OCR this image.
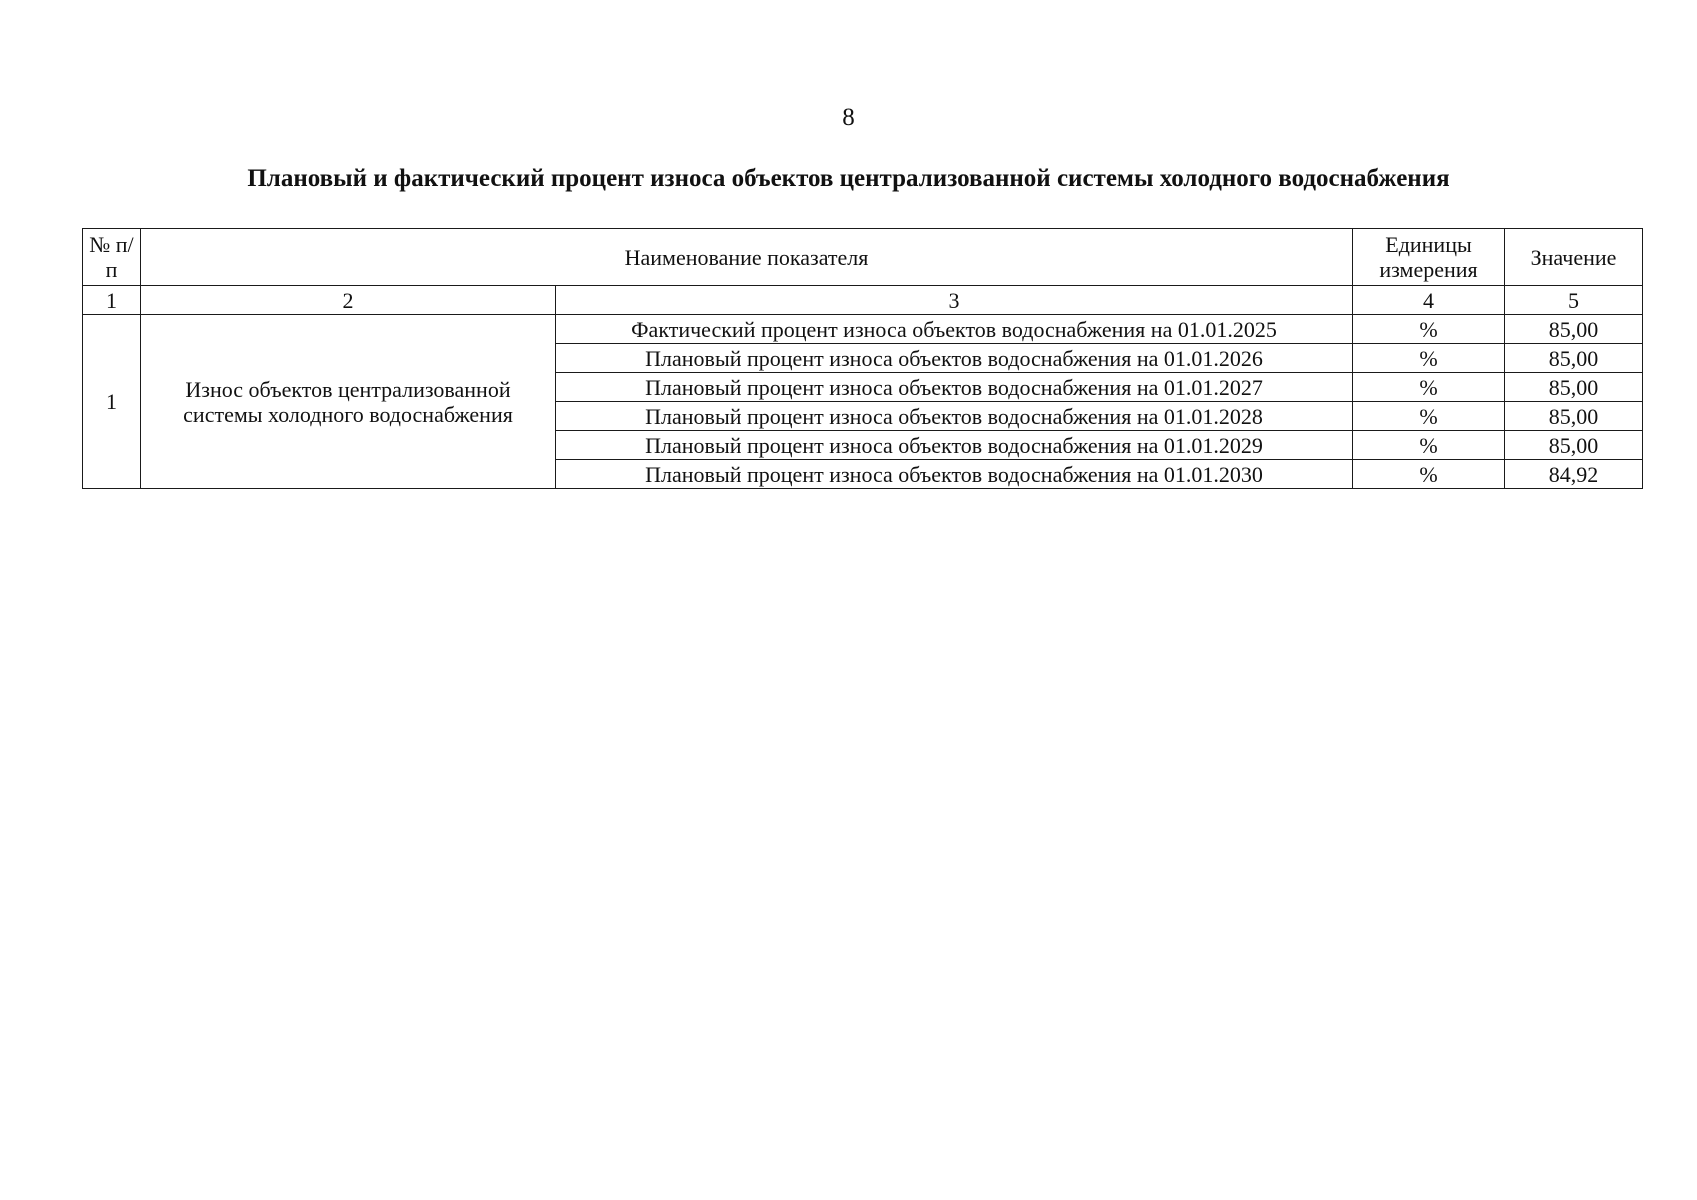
8
Плановый и фактический процент износа объектов централизованной системы холодного водоснабжения
№ п/п	Наименование показателя		Единицы измерения	Значение
1	2	3	4	5
1	Износ объектов централизованной системы холодного водоснабжения	Фактический процент износа объектов водоснабжения на 01.01.2025	%	85,00
		Плановый процент износа объектов водоснабжения на 01.01.2026	%	85,00
		Плановый процент износа объектов водоснабжения на 01.01.2027	%	85,00
		Плановый процент износа объектов водоснабжения на 01.01.2028	%	85,00
		Плановый процент износа объектов водоснабжения на 01.01.2029	%	85,00
		Плановый процент износа объектов водоснабжения на 01.01.2030	%	84,92
